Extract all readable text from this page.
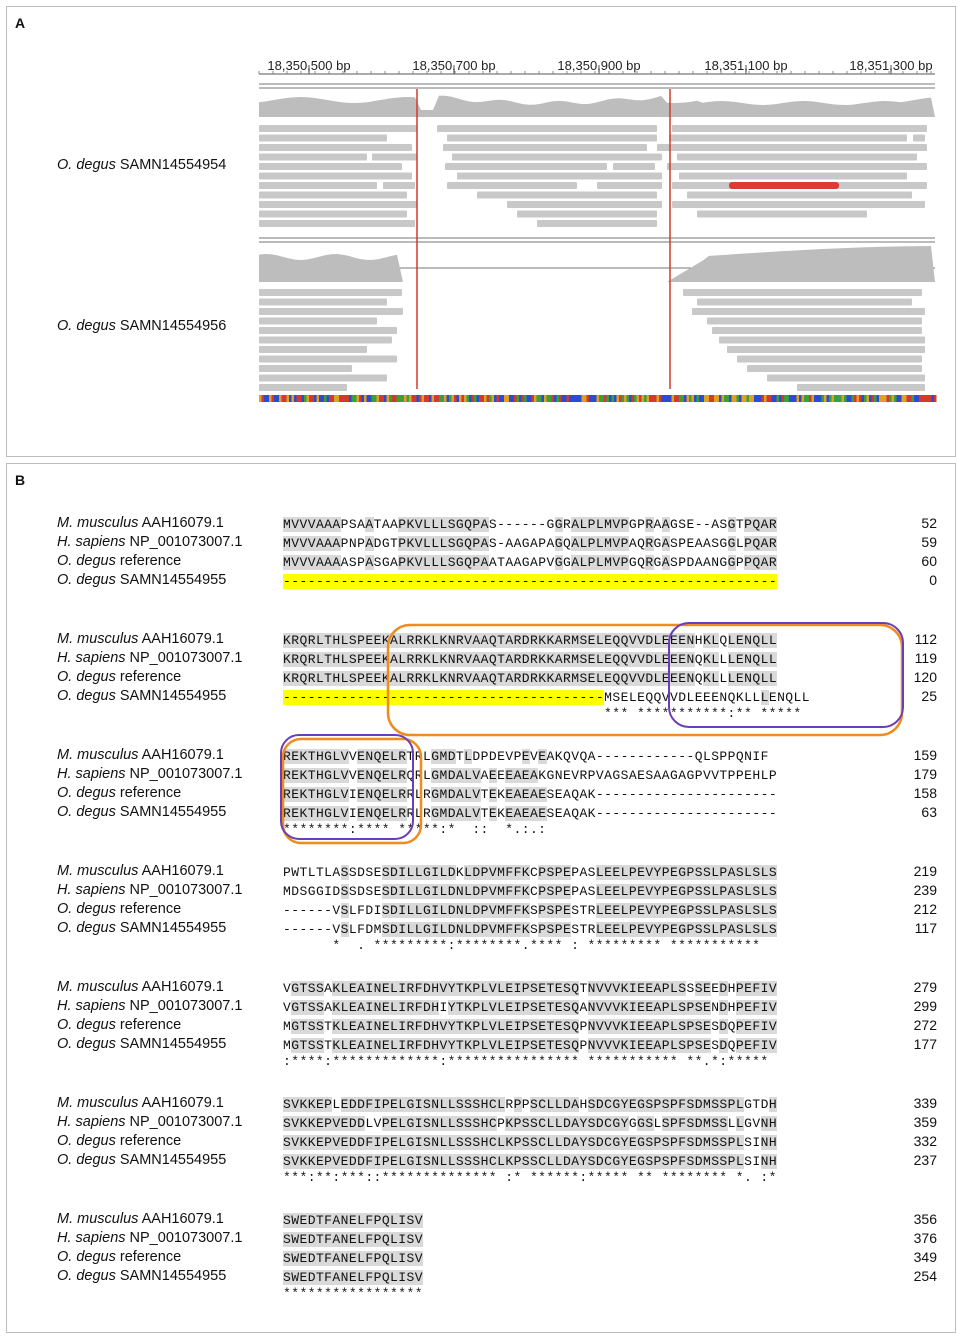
A
O. degus SAMN14554954
O. degus SAMN14554956
18,350,500 bp	18,350,700 bp	18,350,900 bp	18,351,100 bp	18,351,300 bp
B
M. musculus AAH16079.1	MVVVAAAPSAATAAPKVLLLSGQPAS------GGRALPLMVPGPRAAGSE--ASGTPQAR	52
H. sapiens NP_001073007.1	MVVVAAAPNPADGTPKVLLLSGQPAS-AAGAPAGQALPLMVPAQRGASPEAASGGLPQAR	59
O. degus reference	MVVVAAAASPASGAPKVLLLSGQPAATAAGAPVGGALPLMVPGQRGASPDAANGGPPQAR	60
O. degus SAMN14554955	------------------------------------------------------------	0
M. musculus AAH16079.1	KRQRLTHLSPEEKALRRKLKNRVAAQTARDRKKARMSELEQQVVDLEEENHKLQLENQLL	112
H. sapiens NP_001073007.1	KRQRLTHLSPEEKALRRKLKNRVAAQTARDRKKARMSELEQQVVDLEEENQKLLLENQLL	119
O. degus reference	KRQRLTHLSPEEKALRRKLKNRVAAQTARDRKKARMSELEQQVVDLEEENQKLLLENQLL	120
O. degus SAMN14554955	---------------------------------------MSELEQQVVDLEEENQKLLLENQLL	25
*** ***********:** *****
M. musculus AAH16079.1	REKTHGLVVENQELRTRLGMDTLDPDEVPEVEAKQVQA------------QLSPPQNIF	159
H. sapiens NP_001073007.1	REKTHGLVVENQELRQRLGMDALVAEEEAEAKGNEVRPVAGSAESAAGAGPVVTPPEHLP	179
O. degus reference	REKTHGLVIENQELRRLRGMDALVTEKEAEAESEAQAK----------------------	158
O. degus SAMN14554955	REKTHGLVIENQELRRLRGMDALVTEKEAEAESEAQAK----------------------	63
********:**** *****:*  ::  *.:.:
M. musculus AAH16079.1	PWTLTLASSDSESDILLGILDKLDPVMFFKCPSPEPASLEELPEVYPEGPSSLPASLSLS	219
H. sapiens NP_001073007.1	MDSGGIDSSDSESDILLGILDNLDPVMFFKCPSPEPASLEELPEVYPEGPSSLPASLSLS	239
O. degus reference	------VSLFDISDILLGILDNLDPVMFFKSPSPESTRLEELPEVYPEGPSSLPASLSLS	212
O. degus SAMN14554955	------VSLFDMSDILLGILDNLDPVMFFKSPSPESTRLEELPEVYPEGPSSLPASLSLS	117
*  . *********:********.**** : ********* ***********
M. musculus AAH16079.1	VGTSSAKLEAINELIRFDHVYTKPLVLEIPSETESQTNVVVKIEEAPLSSSEEDHPEFIV	279
H. sapiens NP_001073007.1	VGTSSAKLEAINELIRFDHIYTKPLVLEIPSETESQANVVVKIEEAPLSPSENDHPEFIV	299
O. degus reference	MGTSSTKLEAINELIRFDHVYTKPLVLEIPSETESQPNVVVKIEEAPLSPSESDQPEFIV	272
O. degus SAMN14554955	MGTSSTKLEAINELIRFDHVYTKPLVLEIPSETESQPNVVVKIEEAPLSPSESDQPEFIV	177
:****:*************:**************** *********** **.*:*****
M. musculus AAH16079.1	SVKKEPLEDDFIPELGISNLLSSSHCLRPPSCLLDAHSDCGYEGSPSPFSDMSSPLGTDH	339
H. sapiens NP_001073007.1	SVKKEPVEDDLVPELGISNLLSSSHCPKPSSCLLDAYSDCGYGGSLSPFSDMSSLLGVNH	359
O. degus reference	SVKKEPVEDDFIPELGISNLLSSSHCLKPSSCLLDAYSDCGYEGSPSPFSDMSSPLSINH	332
O. degus SAMN14554955	SVKKEPVEDDFIPELGISNLLSSSHCLKPSSCLLDAYSDCGYEGSPSPFSDMSSPLSINH	237
***:**:***::************** :* ******:***** ** ******** *. :*
M. musculus AAH16079.1	SWEDTFANELFPQLISV	356
H. sapiens NP_001073007.1	SWEDTFANELFPQLISV	376
O. degus reference	SWEDTFANELFPQLISV	349
O. degus SAMN14554955	SWEDTFANELFPQLISV	254
*****************
